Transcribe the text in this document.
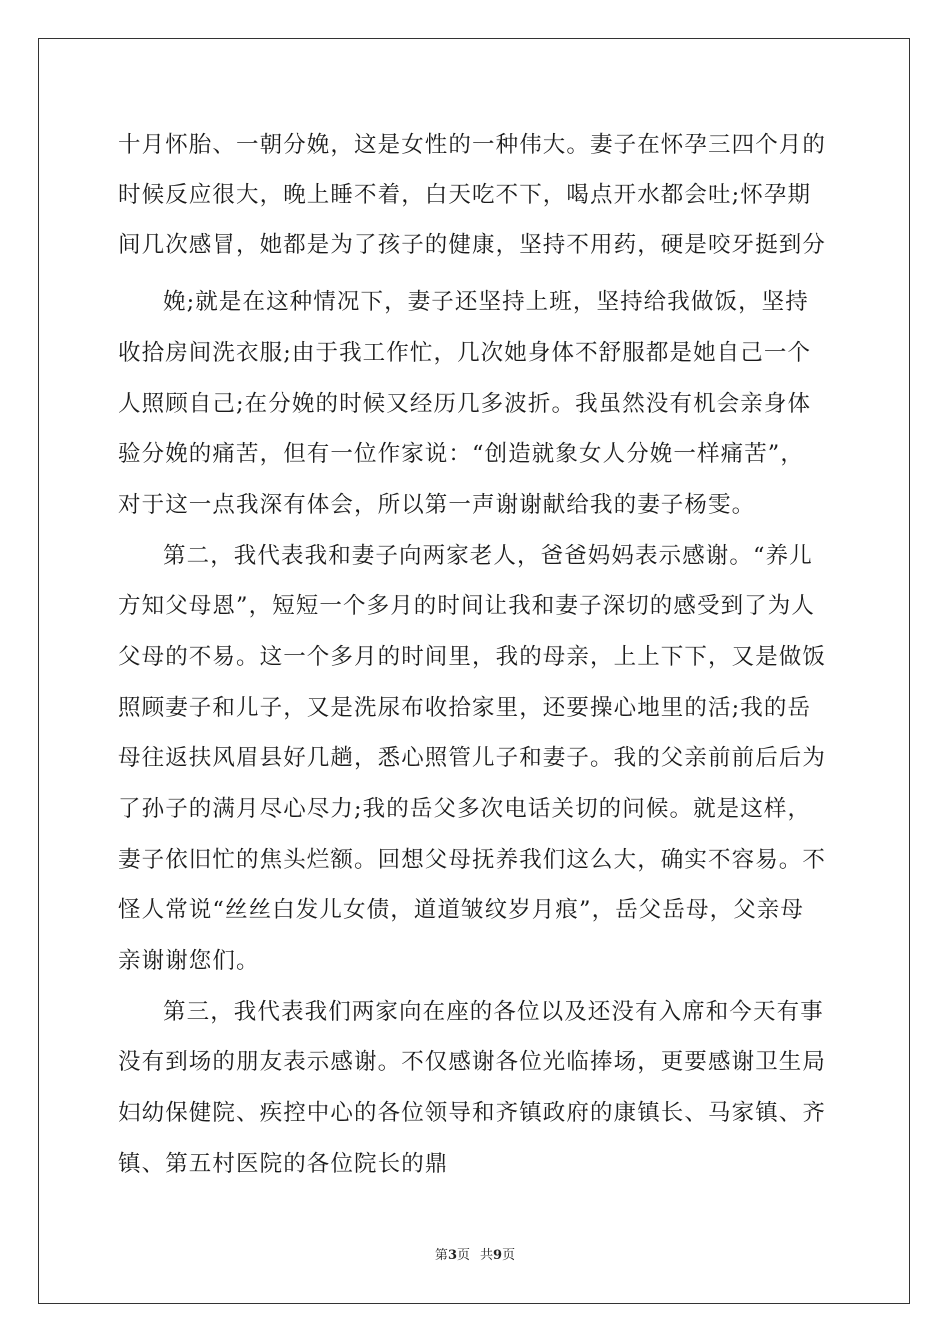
十月怀胎、一朝分娩，这是女性的一种伟大。妻子在怀孕三四个月的
时候反应很大，晚上睡不着，白天吃不下，喝点开水都会吐;怀孕期
间几次感冒，她都是为了孩子的健康，坚持不用药，硬是咬牙挺到分
娩;就是在这种情况下，妻子还坚持上班，坚持给我做饭，坚持
收拾房间洗衣服;由于我工作忙，几次她身体不舒服都是她自己一个
人照顾自己;在分娩的时候又经历几多波折。我虽然没有机会亲身体
验分娩的痛苦，但有一位作家说：“创造就象女人分娩一样痛苦”，
对于这一点我深有体会，所以第一声谢谢献给我的妻子杨雯。
第二，我代表我和妻子向两家老人，爸爸妈妈表示感谢。“养儿
方知父母恩”，短短一个多月的时间让我和妻子深切的感受到了为人
父母的不易。这一个多月的时间里，我的母亲，上上下下，又是做饭
照顾妻子和儿子，又是洗尿布收拾家里，还要操心地里的活;我的岳
母往返扶风眉县好几趟，悉心照管儿子和妻子。我的父亲前前后后为
了孙子的满月尽心尽力;我的岳父多次电话关切的问候。就是这样，
妻子依旧忙的焦头烂额。回想父母抚养我们这么大，确实不容易。不
怪人常说“丝丝白发儿女债，道道皱纹岁月痕”，岳父岳母，父亲母
亲谢谢您们。
第三，我代表我们两家向在座的各位以及还没有入席和今天有事
没有到场的朋友表示感谢。不仅感谢各位光临捧场，更要感谢卫生局
妇幼保健院、疾控中心的各位领导和齐镇政府的康镇长、马家镇、齐
镇、第五村医院的各位院长的鼎
第3页 共9页
